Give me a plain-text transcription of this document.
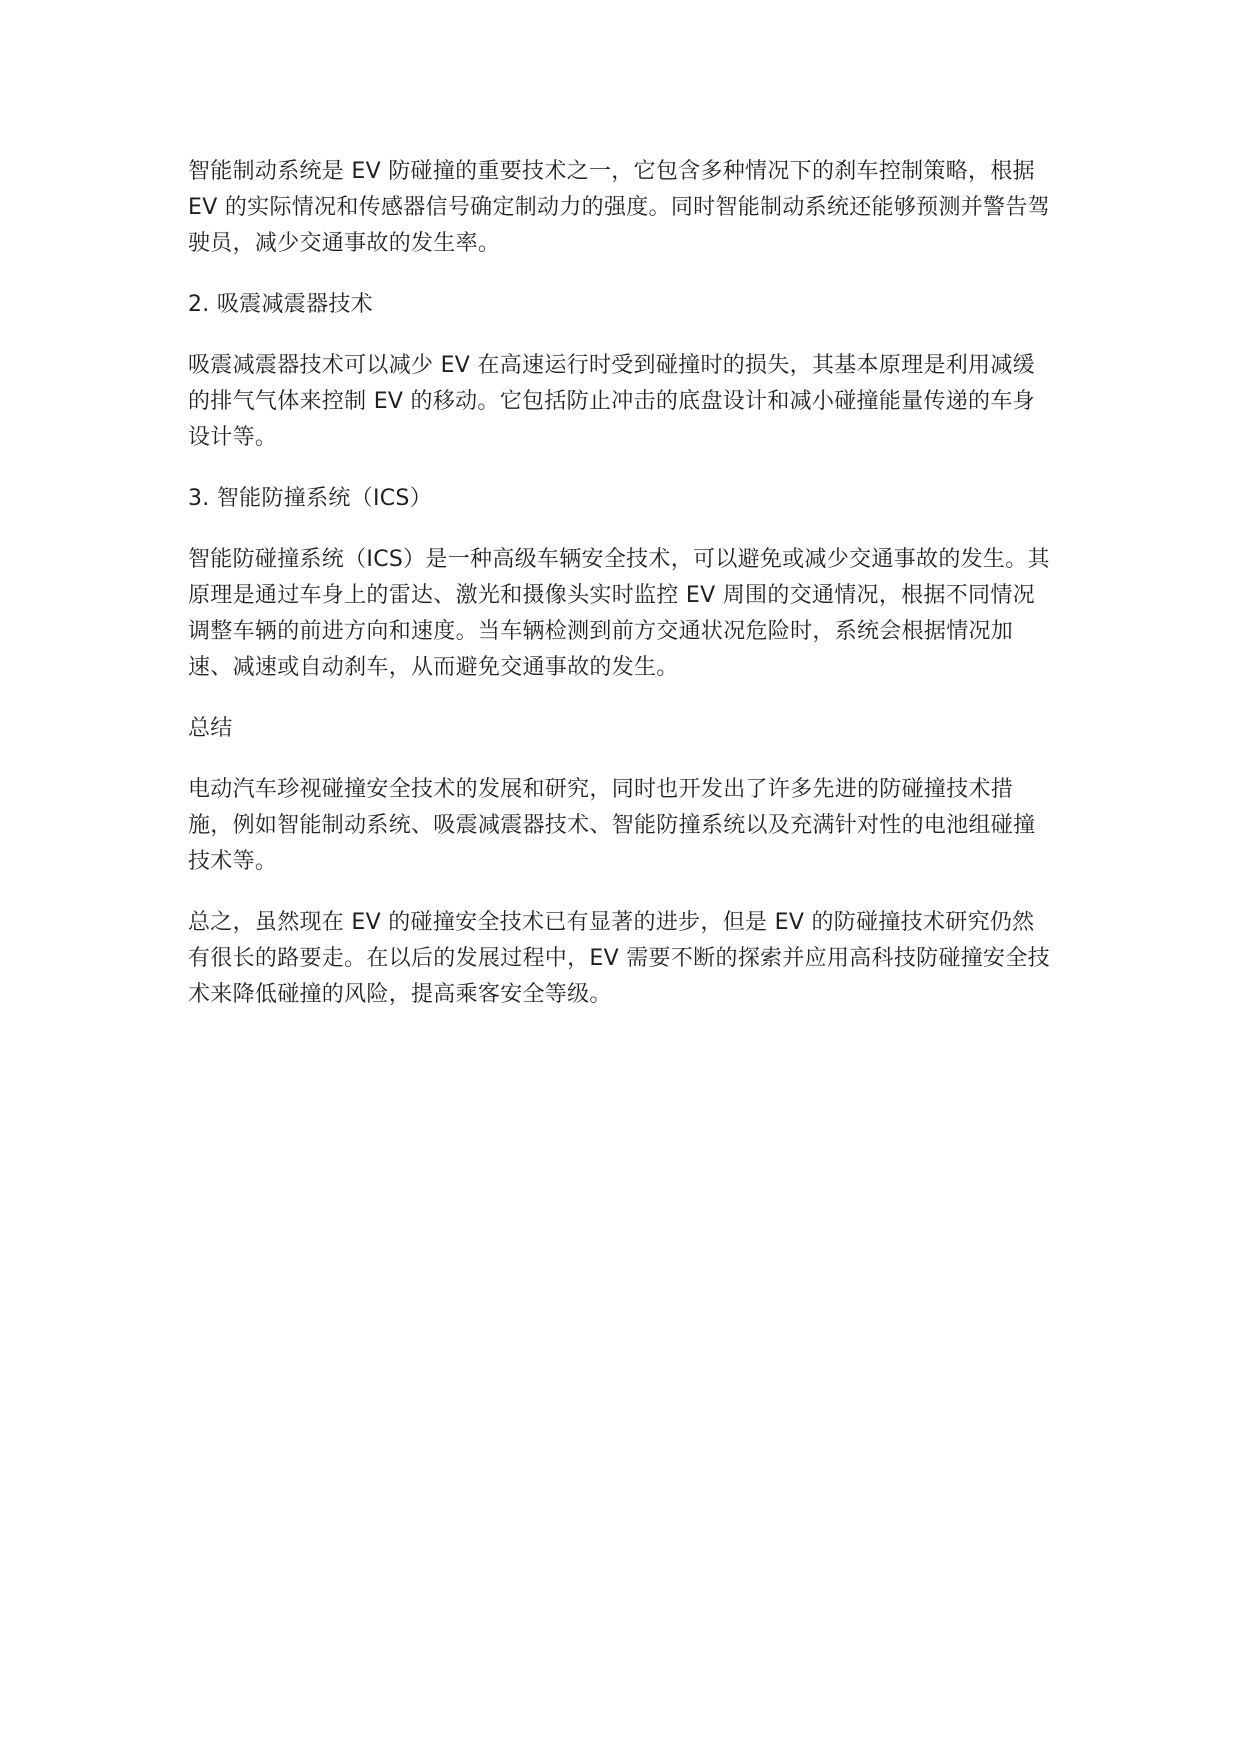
智能制动系统是 EV 防碰撞的重要技术之一，它包含多种情况下的刹车控制策略，根据 EV 的实际情况和传感器信号确定制动力的强度。同时智能制动系统还能够预测并警告驾驶员，减少交通事故的发生率。

2. 吸震减震器技术

吸震减震器技术可以减少 EV 在高速运行时受到碰撞时的损失，其基本原理是利用减缓的排气气体来控制 EV 的移动。它包括防止冲击的底盘设计和减小碰撞能量传递的车身设计等。

3. 智能防撞系统（ICS）

智能防碰撞系统（ICS）是一种高级车辆安全技术，可以避免或减少交通事故的发生。其原理是通过车身上的雷达、激光和摄像头实时监控 EV 周围的交通情况，根据不同情况调整车辆的前进方向和速度。当车辆检测到前方交通状况危险时，系统会根据情况加速、减速或自动刹车，从而避免交通事故的发生。

总结

电动汽车珍视碰撞安全技术的发展和研究，同时也开发出了许多先进的防碰撞技术措施，例如智能制动系统、吸震减震器技术、智能防撞系统以及充满针对性的电池组碰撞技术等。

总之，虽然现在 EV 的碰撞安全技术已有显著的进步，但是 EV 的防碰撞技术研究仍然有很长的路要走。在以后的发展过程中，EV 需要不断的探索并应用高科技防碰撞安全技术来降低碰撞的风险，提高乘客安全等级。
